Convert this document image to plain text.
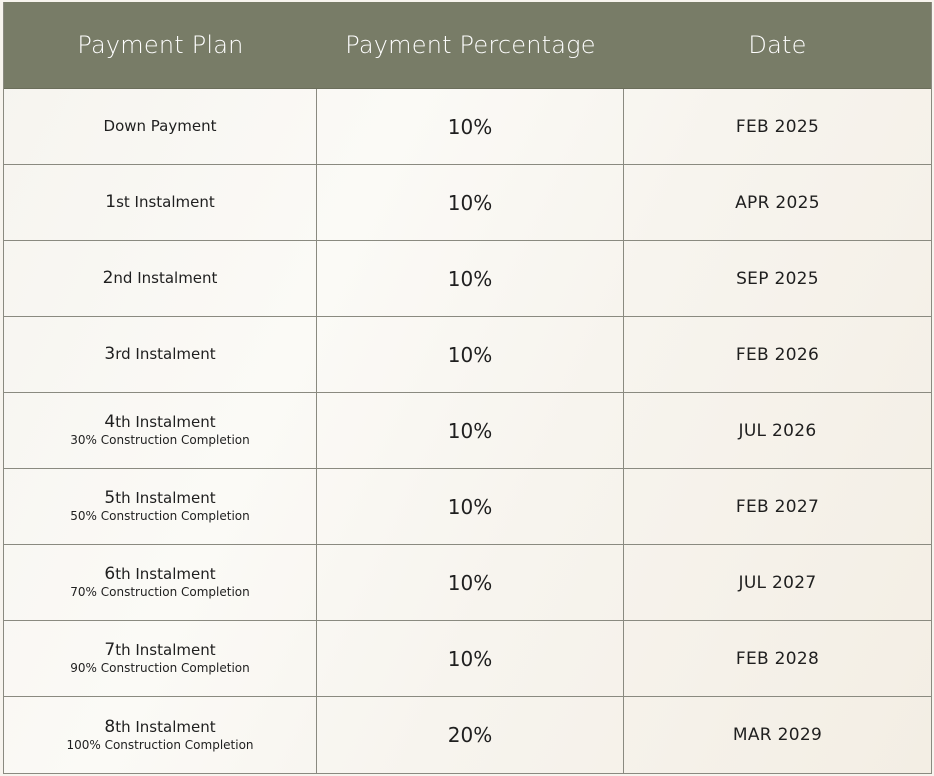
Payment Plan	Payment Percentage	Date
Down Payment	10%	FEB 2025
1st Instalment	10%	APR 2025
2nd Instalment	10%	SEP 2025
3rd Instalment	10%	FEB 2026
4th Instalment
30% Construction Completion	10%	JUL 2026
5th Instalment
50% Construction Completion	10%	FEB 2027
6th Instalment
70% Construction Completion	10%	JUL 2027
7th Instalment
90% Construction Completion	10%	FEB 2028
8th Instalment
100% Construction Completion	20%	MAR 2029
